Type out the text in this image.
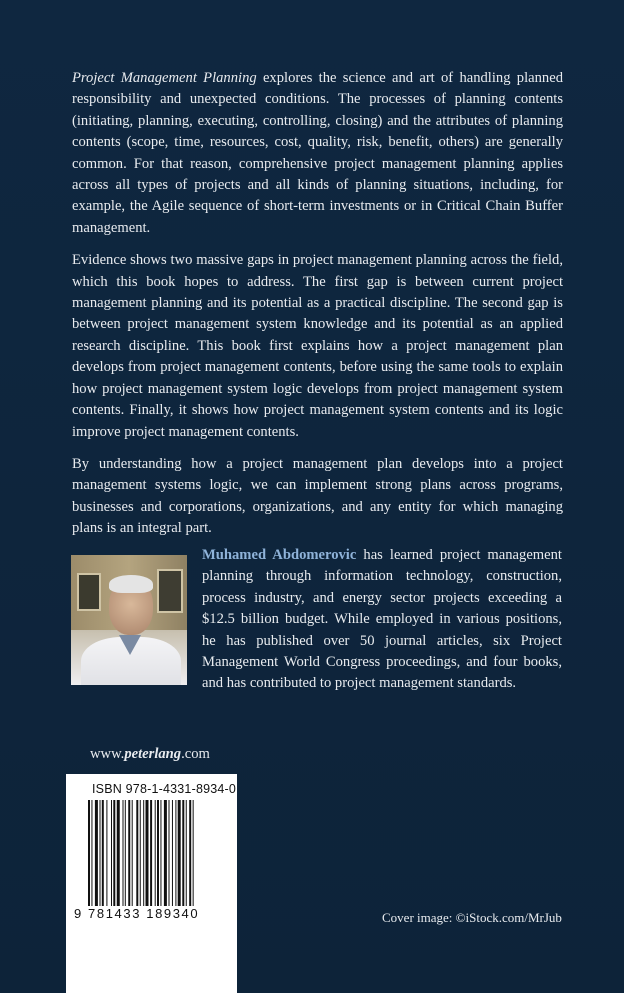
Project Management Planning explores the science and art of handling planned responsibility and unexpected conditions. The processes of planning contents (initiating, planning, executing, controlling, closing) and the attributes of planning contents (scope, time, resources, cost, quality, risk, benefit, others) are generally common. For that reason, comprehensive project management planning applies across all types of projects and all kinds of planning situations, including, for example, the Agile sequence of short-term investments or in Critical Chain Buffer management.

Evidence shows two massive gaps in project management planning across the field, which this book hopes to address. The first gap is between current project management planning and its potential as a practical discipline. The second gap is between project management system knowledge and its potential as an applied research discipline. This book first explains how a project management plan develops from project management contents, before using the same tools to explain how project management system logic develops from project management system contents. Finally, it shows how project management system contents and its logic improve project management contents.

By understanding how a project management plan develops into a project management systems logic, we can implement strong plans across programs, businesses and corporations, organizations, and any entity for which managing plans is an integral part.

Muhamed Abdomerovic has learned project management planning through information technology, construction, process industry, and energy sector projects exceeding a $12.5 billion budget. While employed in various positions, he has published over 50 journal articles, six Project Management World Congress proceedings, and four books, and has contributed to project management standards.
www.peterlang.com
ISBN 978-1-4331-8934-0
9 781433 189340	Cover image: ©iStock.com/MrJub
